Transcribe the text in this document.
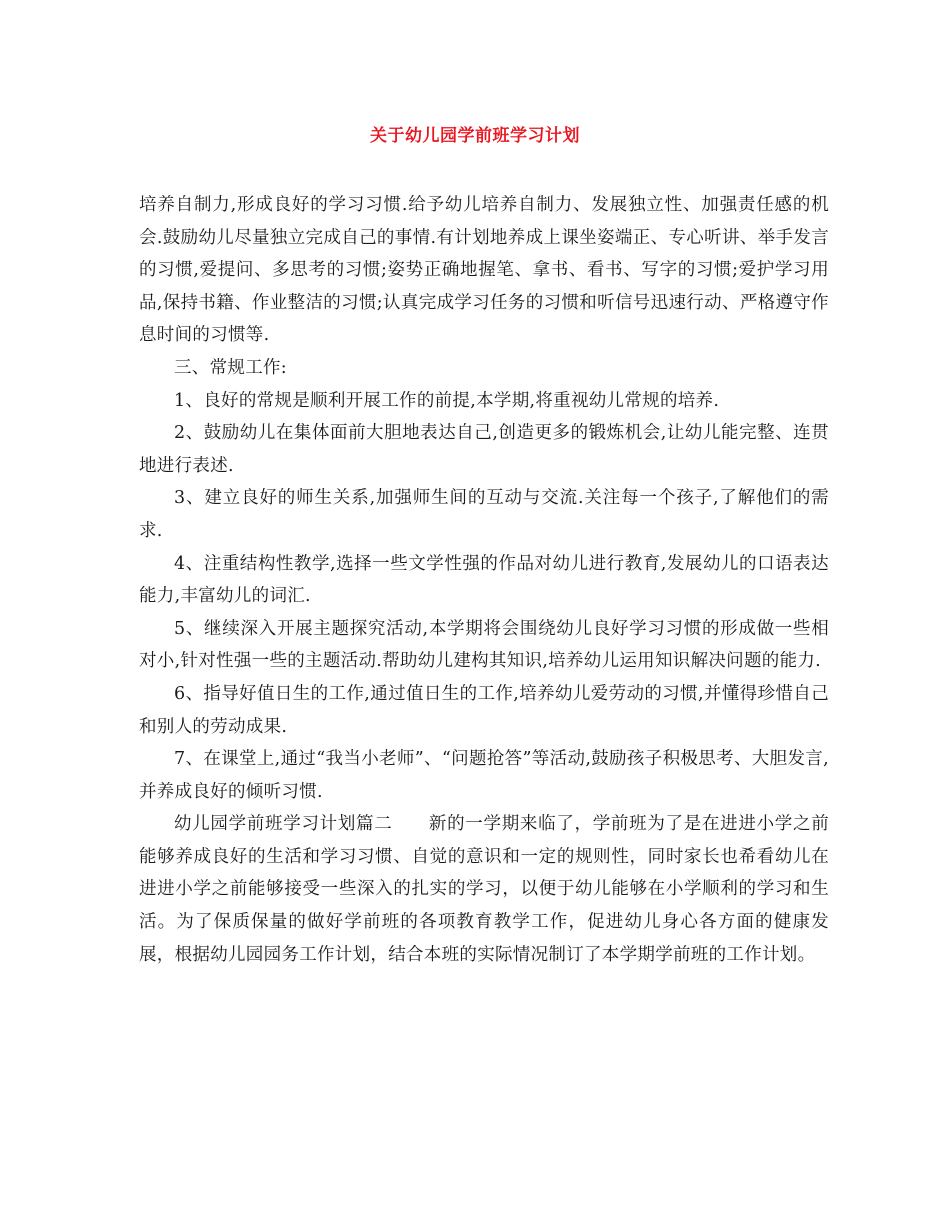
关于幼儿园学前班学习计划

培养自制力,形成良好的学习习惯.给予幼儿培养自制力、发展独立性、加强责任感的机会.鼓励幼儿尽量独立完成自己的事情.有计划地养成上课坐姿端正、专心听讲、举手发言的习惯,爱提问、多思考的习惯;姿势正确地握笔、拿书、看书、写字的习惯;爱护学习用品,保持书籍、作业整洁的习惯;认真完成学习任务的习惯和听信号迅速行动、严格遵守作息时间的习惯等.

三、常规工作:

1、良好的常规是顺利开展工作的前提,本学期,将重视幼儿常规的培养.

2、鼓励幼儿在集体面前大胆地表达自己,创造更多的锻炼机会,让幼儿能完整、连贯地进行表述.

3、建立良好的师生关系,加强师生间的互动与交流.关注每一个孩子,了解他们的需求.

4、注重结构性教学,选择一些文学性强的作品对幼儿进行教育,发展幼儿的口语表达能力,丰富幼儿的词汇.

5、继续深入开展主题探究活动,本学期将会围绕幼儿良好学习习惯的形成做一些相对小,针对性强一些的主题活动.帮助幼儿建构其知识,培养幼儿运用知识解决问题的能力.

6、指导好值日生的工作,通过值日生的工作,培养幼儿爱劳动的习惯,并懂得珍惜自己和别人的劳动成果.

7、在课堂上,通过“我当小老师”、“问题抢答”等活动,鼓励孩子积极思考、大胆发言,并养成良好的倾听习惯.

幼儿园学前班学习计划篇二　　新的一学期来临了，学前班为了是在进进小学之前能够养成良好的生活和学习习惯、自觉的意识和一定的规则性，同时家长也希看幼儿在进进小学之前能够接受一些深入的扎实的学习，以便于幼儿能够在小学顺利的学习和生活。为了保质保量的做好学前班的各项教育教学工作，促进幼儿身心各方面的健康发展，根据幼儿园园务工作计划，结合本班的实际情况制订了本学期学前班的工作计划。
